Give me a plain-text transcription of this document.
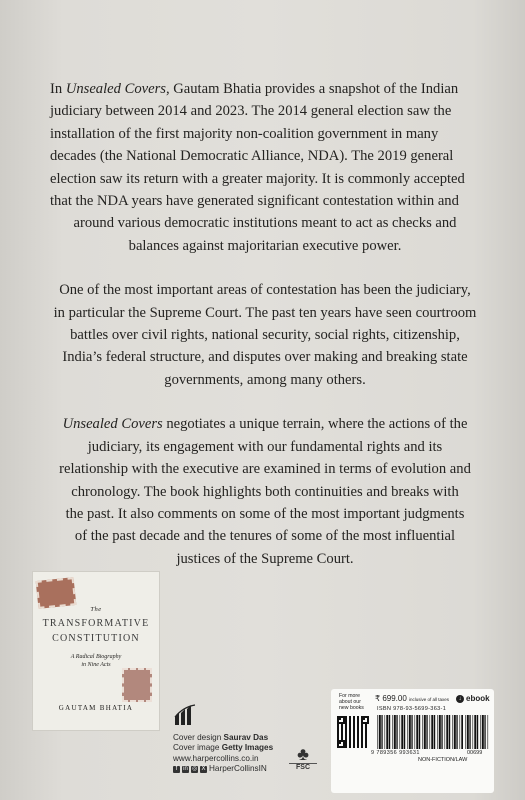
In Unsealed Covers, Gautam Bhatia provides a snapshot of the Indian
judiciary between 2014 and 2023. The 2014 general election saw the
installation of the first majority non-coalition government in many
decades (the National Democratic Alliance, NDA). The 2019 general
election saw its return with a greater majority. It is commonly accepted
that the NDA years have generated significant contestation within and
around various democratic institutions meant to act as checks and
balances against majoritarian executive power.

One of the most important areas of contestation has been the judiciary,
in particular the Supreme Court. The past ten years have seen courtroom
battles over civil rights, national security, social rights, citizenship,
India’s federal structure, and disputes over making and breaking state
governments, among many others.

Unsealed Covers negotiates a unique terrain, where the actions of the
judiciary, its engagement with our fundamental rights and its
relationship with the executive are examined in terms of evolution and
chronology. The book highlights both continuities and breaks with
the past. It also comments on some of the most important judgments
of the past decade and the tenures of some of the most influential
justices of the Supreme Court.

The
TRANSFORMATIVE
CONSTITUTION
A Radical Biography
in Nine Acts
GAUTAM BHATIA
Cover design Saurav Das
Cover image Getty Images
www.harpercollins.co.in
f in ◎ X HarperCollinsIN
♣
FSC
For more about our new books
₹ 699.00 inclusive of all taxes	↓ ebook
ISBN 978-93-5699-363-1
9 789356 993631	00699
NON-FICTION/LAW
